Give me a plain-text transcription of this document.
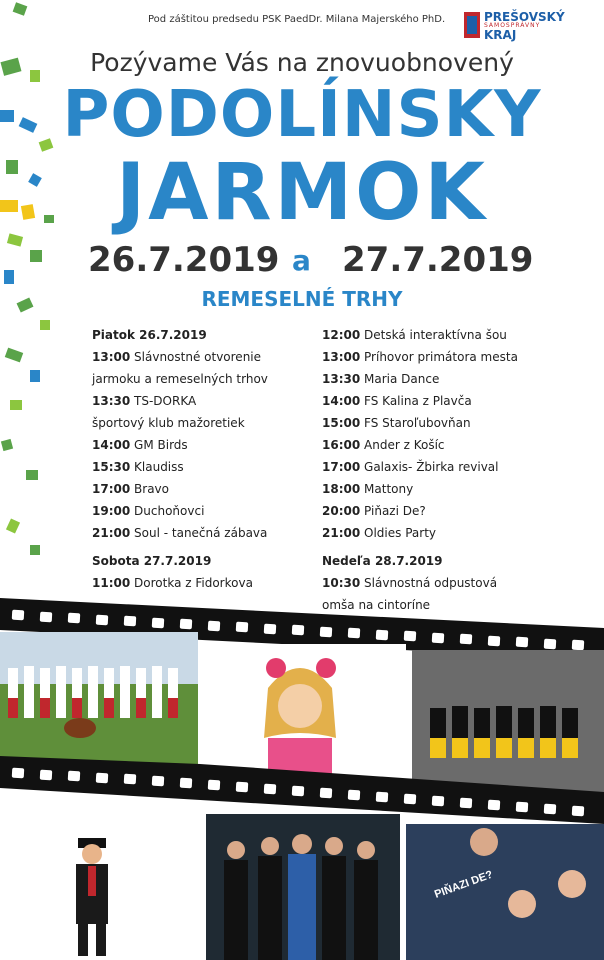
Pod záštitou predsedu PSK PaedDr. Milana Majerského PhD.	PREŠOVSKÝ
SAMOSPRÁVNY
KRAJ
Pozývame Vás na znovuobnovený
PODOLÍNSKY
JARMOK
26.7.2019 a 27.7.2019
REMESELNÉ TRHY
Piatok 26.7.2019
13:00 Slávnostné otvorenie
jarmoku a remeselných trhov
13:30 TS-DORKA
športový klub mažoretiek
14:00 GM Birds
15:30 Klaudiss
17:00 Bravo
19:00 Duchoňovci
21:00 Soul - tanečná zábava
Sobota 27.7.2019
11:00 Dorotka z Fidorkova
12:00 Detská interaktívna šou
13:00 Príhovor primátora mesta
13:30 Maria Dance
14:00 FS Kalina z Plavča
15:00 FS Staroľubovňan
16:00 Ander z Košíc
17:00 Galaxis- Žbirka revival
18:00 Mattony
20:00 Piňazi De?
21:00 Oldies Party
Nedeľa 28.7.2019
10:30 Slávnostná odpustová
omša na cintoríne
PIŇAZI DE?
